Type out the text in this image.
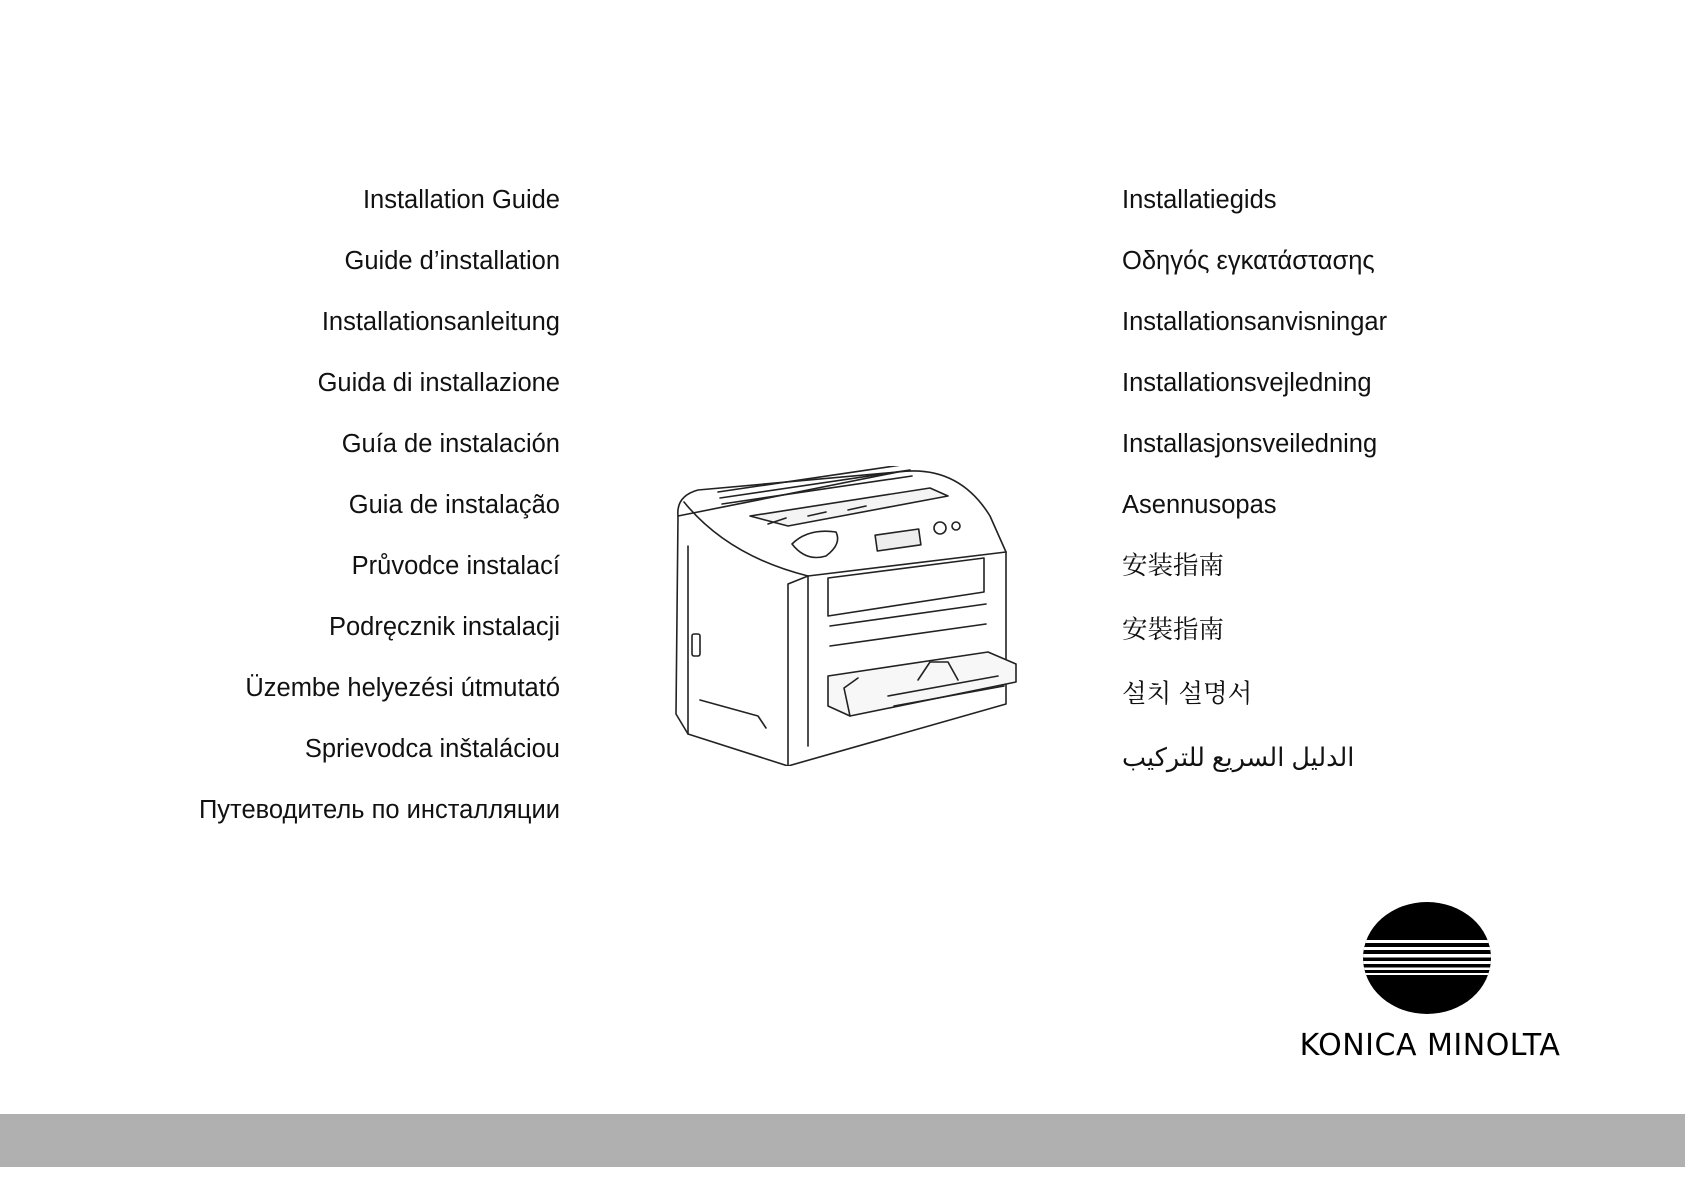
Installation Guide
Guide d’installation
Installationsanleitung
Guida di installazione
Guía de instalación
Guia de instalação
Průvodce instalací
Podręcznik instalacji
Üzembe helyezési útmutató
Sprievodca inštaláciou
Путеводитель по инсталляции
Installatiegids
Οδηγός εγκατάστασης
Installationsanvisningar
Installationsvejledning
Installasjonsveiledning
Asennusopas
安装指南
安裝指南
설치 설명서
الدليل السريع للتركيب
KONICA MINOLTA
